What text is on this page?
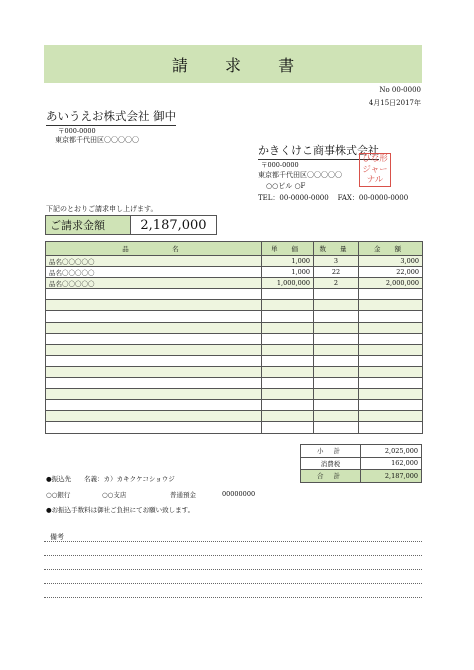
請 求 書
No 00-0000
4月15日2017年
あいうえお株式会社 御中
〒000-0000
東京都千代田区〇〇〇〇〇
かきくけこ商事株式会社
〒000-0000
東京都千代田区〇〇〇〇〇
○○ビル ○F
TEL：00-0000-0000    FAX：00-0000-0000
ひな形
ジャー
ナル
下記のとおりご請求申し上げます。
ご請求金額	2,187,000
品　　　名	単 価	数 量	金 額
品名〇〇〇〇〇	1,000	3	3,000
品名〇〇〇〇〇	1,000	22	22,000
品名〇〇〇〇〇	1,000,000	2	2,000,000

小 計	2,025,000
消費税	162,000
合 計	2,187,000
●振込先　　名義：カ）カキクケコショウジ
○○銀行	○○支店	普通預金	00000000
●お振込手数料は御社ご負担にてお願い致します。
備考
